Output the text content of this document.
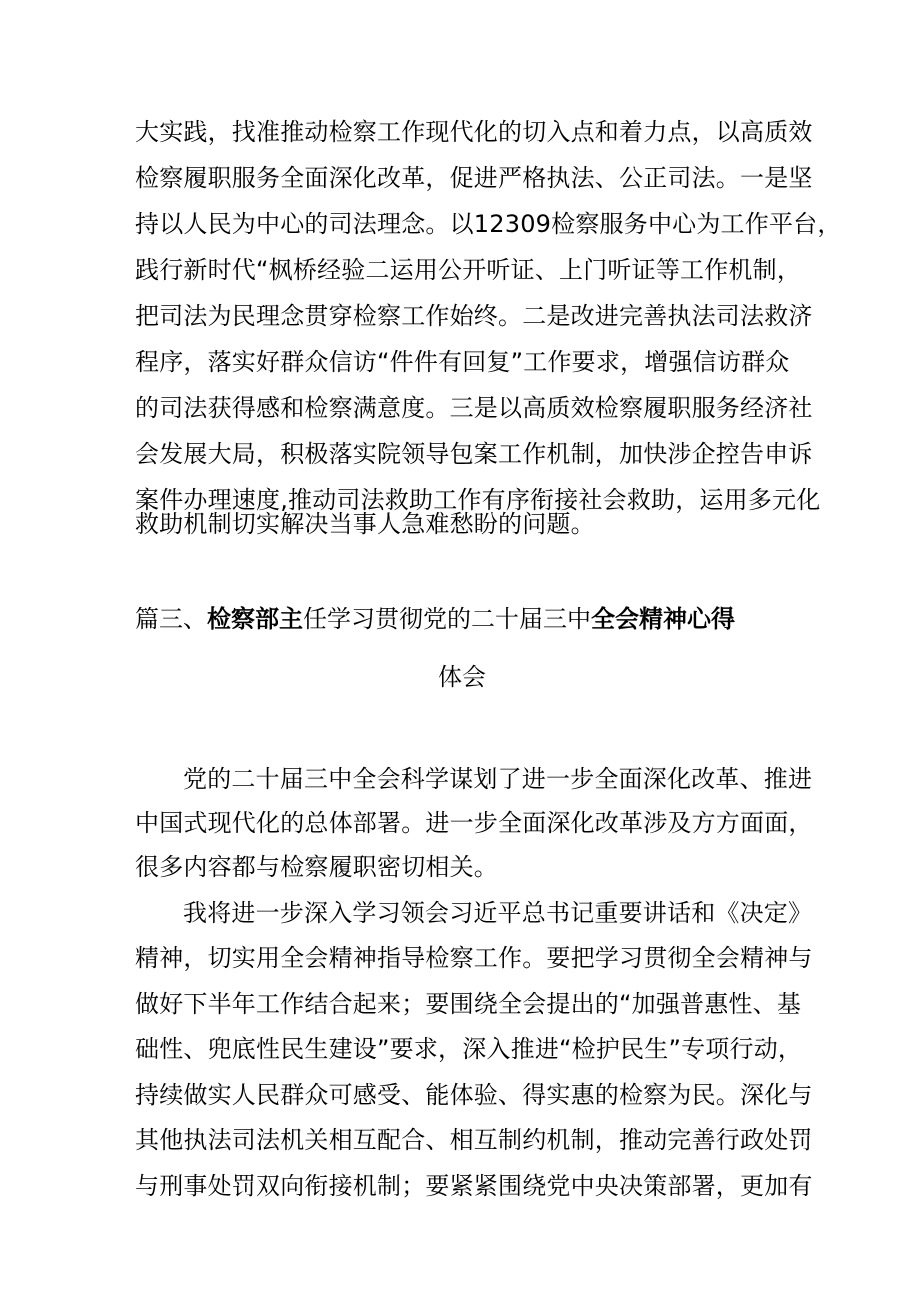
大实践，找准推动检察工作现代化的切入点和着力点，以高质效
检察履职服务全面深化改革，促进严格执法、公正司法。一是坚
持以人民为中心的司法理念。以12309检察服务中心为工作平台，
践行新时代“枫桥经验二运用公开听证、上门听证等工作机制，
把司法为民理念贯穿检察工作始终。二是改进完善执法司法救济
程序，落实好群众信访“件件有回复”工作要求，增强信访群众
的司法获得感和检察满意度。三是以高质效检察履职服务经济社
会发展大局，积极落实院领导包案工作机制，加快涉企控告申诉
案件办理速度,推动司法救助工作有序衔接社会救助，运用多元化
救助机制切实解决当事人急难愁盼的问题。
篇三、检察部主任学习贯彻党的二十届三中全会精神心得
体会
党的二十届三中全会科学谋划了进一步全面深化改革、推进
中国式现代化的总体部署。进一步全面深化改革涉及方方面面，
很多内容都与检察履职密切相关。
我将进一步深入学习领会习近平总书记重要讲话和《决定》
精神，切实用全会精神指导检察工作。要把学习贯彻全会精神与
做好下半年工作结合起来；要围绕全会提出的“加强普惠性、基
础性、兜底性民生建设”要求，深入推进“检护民生”专项行动，
持续做实人民群众可感受、能体验、得实惠的检察为民。深化与
其他执法司法机关相互配合、相互制约机制，推动完善行政处罚
与刑事处罚双向衔接机制；要紧紧围绕党中央决策部署，更加有
